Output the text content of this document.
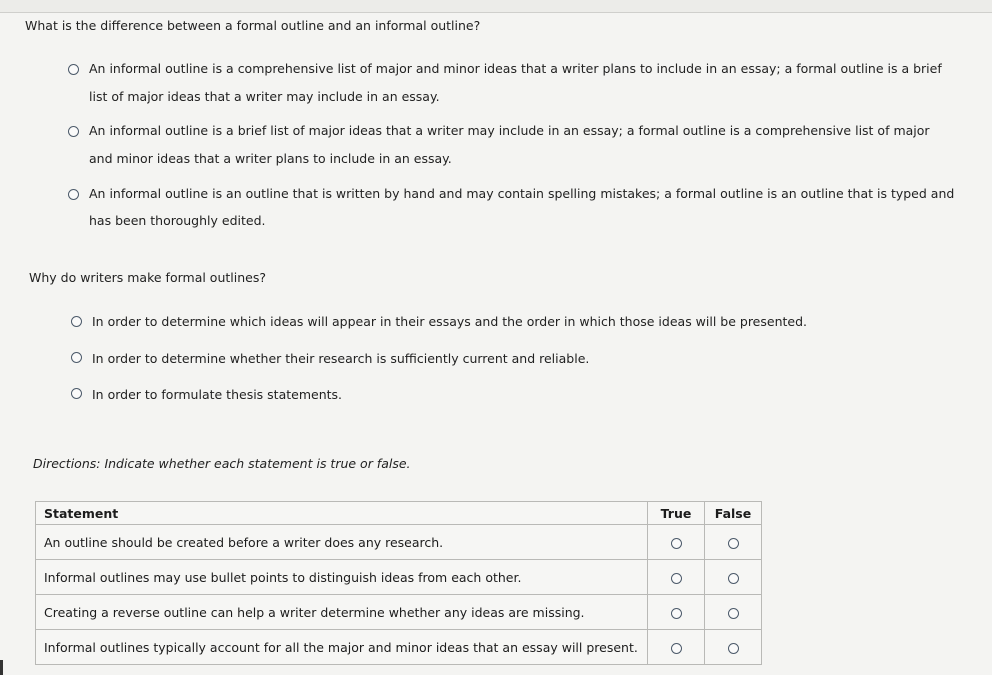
What is the difference between a formal outline and an informal outline?
An informal outline is a comprehensive list of major and minor ideas that a writer plans to include in an essay; a formal outline is a brief
list of major ideas that a writer may include in an essay.
An informal outline is a brief list of major ideas that a writer may include in an essay; a formal outline is a comprehensive list of major
and minor ideas that a writer plans to include in an essay.
An informal outline is an outline that is written by hand and may contain spelling mistakes; a formal outline is an outline that is typed and
has been thoroughly edited.
Why do writers make formal outlines?
In order to determine which ideas will appear in their essays and the order in which those ideas will be presented.
In order to determine whether their research is sufficiently current and reliable.
In order to formulate thesis statements.
Directions: Indicate whether each statement is true or false.
Statement	True	False
An outline should be created before a writer does any research.		
Informal outlines may use bullet points to distinguish ideas from each other.		
Creating a reverse outline can help a writer determine whether any ideas are missing.		
Informal outlines typically account for all the major and minor ideas that an essay will present.		
